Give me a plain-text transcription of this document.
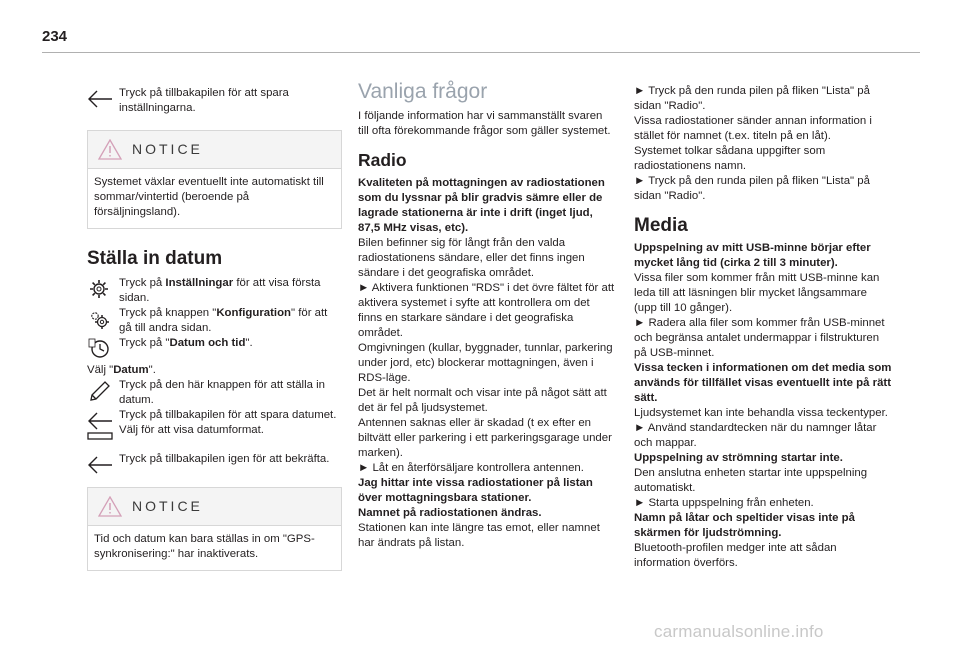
234

Tryck på tillbakapilen för att spara inställningarna.

NOTICE

Systemet växlar eventuellt inte automatiskt till sommar/vintertid (beroende på försäljningsland).

Ställa in datum

Tryck på Inställningar för att visa första sidan.

Tryck på knappen "Konfiguration" för att gå till andra sidan.

Tryck på "Datum och tid".

Välj "Datum".

Tryck på den här knappen för att ställa in datum.

Tryck på tillbakapilen för att spara datumet.

Välj för att visa datumformat.

Tryck på tillbakapilen igen för att bekräfta.

NOTICE

Tid och datum kan bara ställas in om "GPS-synkronisering:" har inaktiverats.

Vanliga frågor

I följande information har vi sammanställt svaren till ofta förekommande frågor som gäller systemet.

Radio

Kvaliteten på mottagningen av radiostationen som du lyssnar på blir gradvis sämre eller de lagrade stationerna är inte i drift (inget ljud, 87,5 MHz visas, etc).

Bilen befinner sig för långt från den valda radiostationens sändare, eller det finns ingen sändare i det geografiska området.

► Aktivera funktionen "RDS" i det övre fältet för att aktivera systemet i syfte att kontrollera om det finns en starkare sändare i det geografiska området.

Omgivningen (kullar, byggnader, tunnlar, parkering under jord, etc) blockerar mottagningen, även i RDS-läge.

Det är helt normalt och visar inte på något sätt att det är fel på ljudsystemet.

Antennen saknas eller är skadad (t ex efter en biltvätt eller parkering i ett parkeringsgarage under marken).

► Låt en återförsäljare kontrollera antennen.

Jag hittar inte vissa radiostationer på listan över mottagningsbara stationer.

Namnet på radiostationen ändras.

Stationen kan inte längre tas emot, eller namnet har ändrats på listan.

► Tryck på den runda pilen på fliken "Lista" på sidan "Radio".

Vissa radiostationer sänder annan information i stället för namnet (t.ex. titeln på en låt).

Systemet tolkar sådana uppgifter som radiostationens namn.

► Tryck på den runda pilen på fliken "Lista" på sidan "Radio".

Media

Uppspelning av mitt USB-minne börjar efter mycket lång tid (cirka 2 till 3 minuter).

Vissa filer som kommer från mitt USB-minne kan leda till att läsningen blir mycket långsammare (upp till 10 gånger).

► Radera alla filer som kommer från USB-minnet och begränsa antalet undermappar i filstrukturen på USB-minnet.

Vissa tecken i informationen om det media som används för tillfället visas eventuellt inte på rätt sätt.

Ljudsystemet kan inte behandla vissa teckentyper.

► Använd standardtecken när du namnger låtar och mappar.

Uppspelning av strömning startar inte.

Den anslutna enheten startar inte uppspelning automatiskt.

► Starta uppspelning från enheten.

Namn på låtar och speltider visas inte på skärmen för ljudströmning.

Bluetooth-profilen medger inte att sådan information överförs.

carmanualsonline.info
